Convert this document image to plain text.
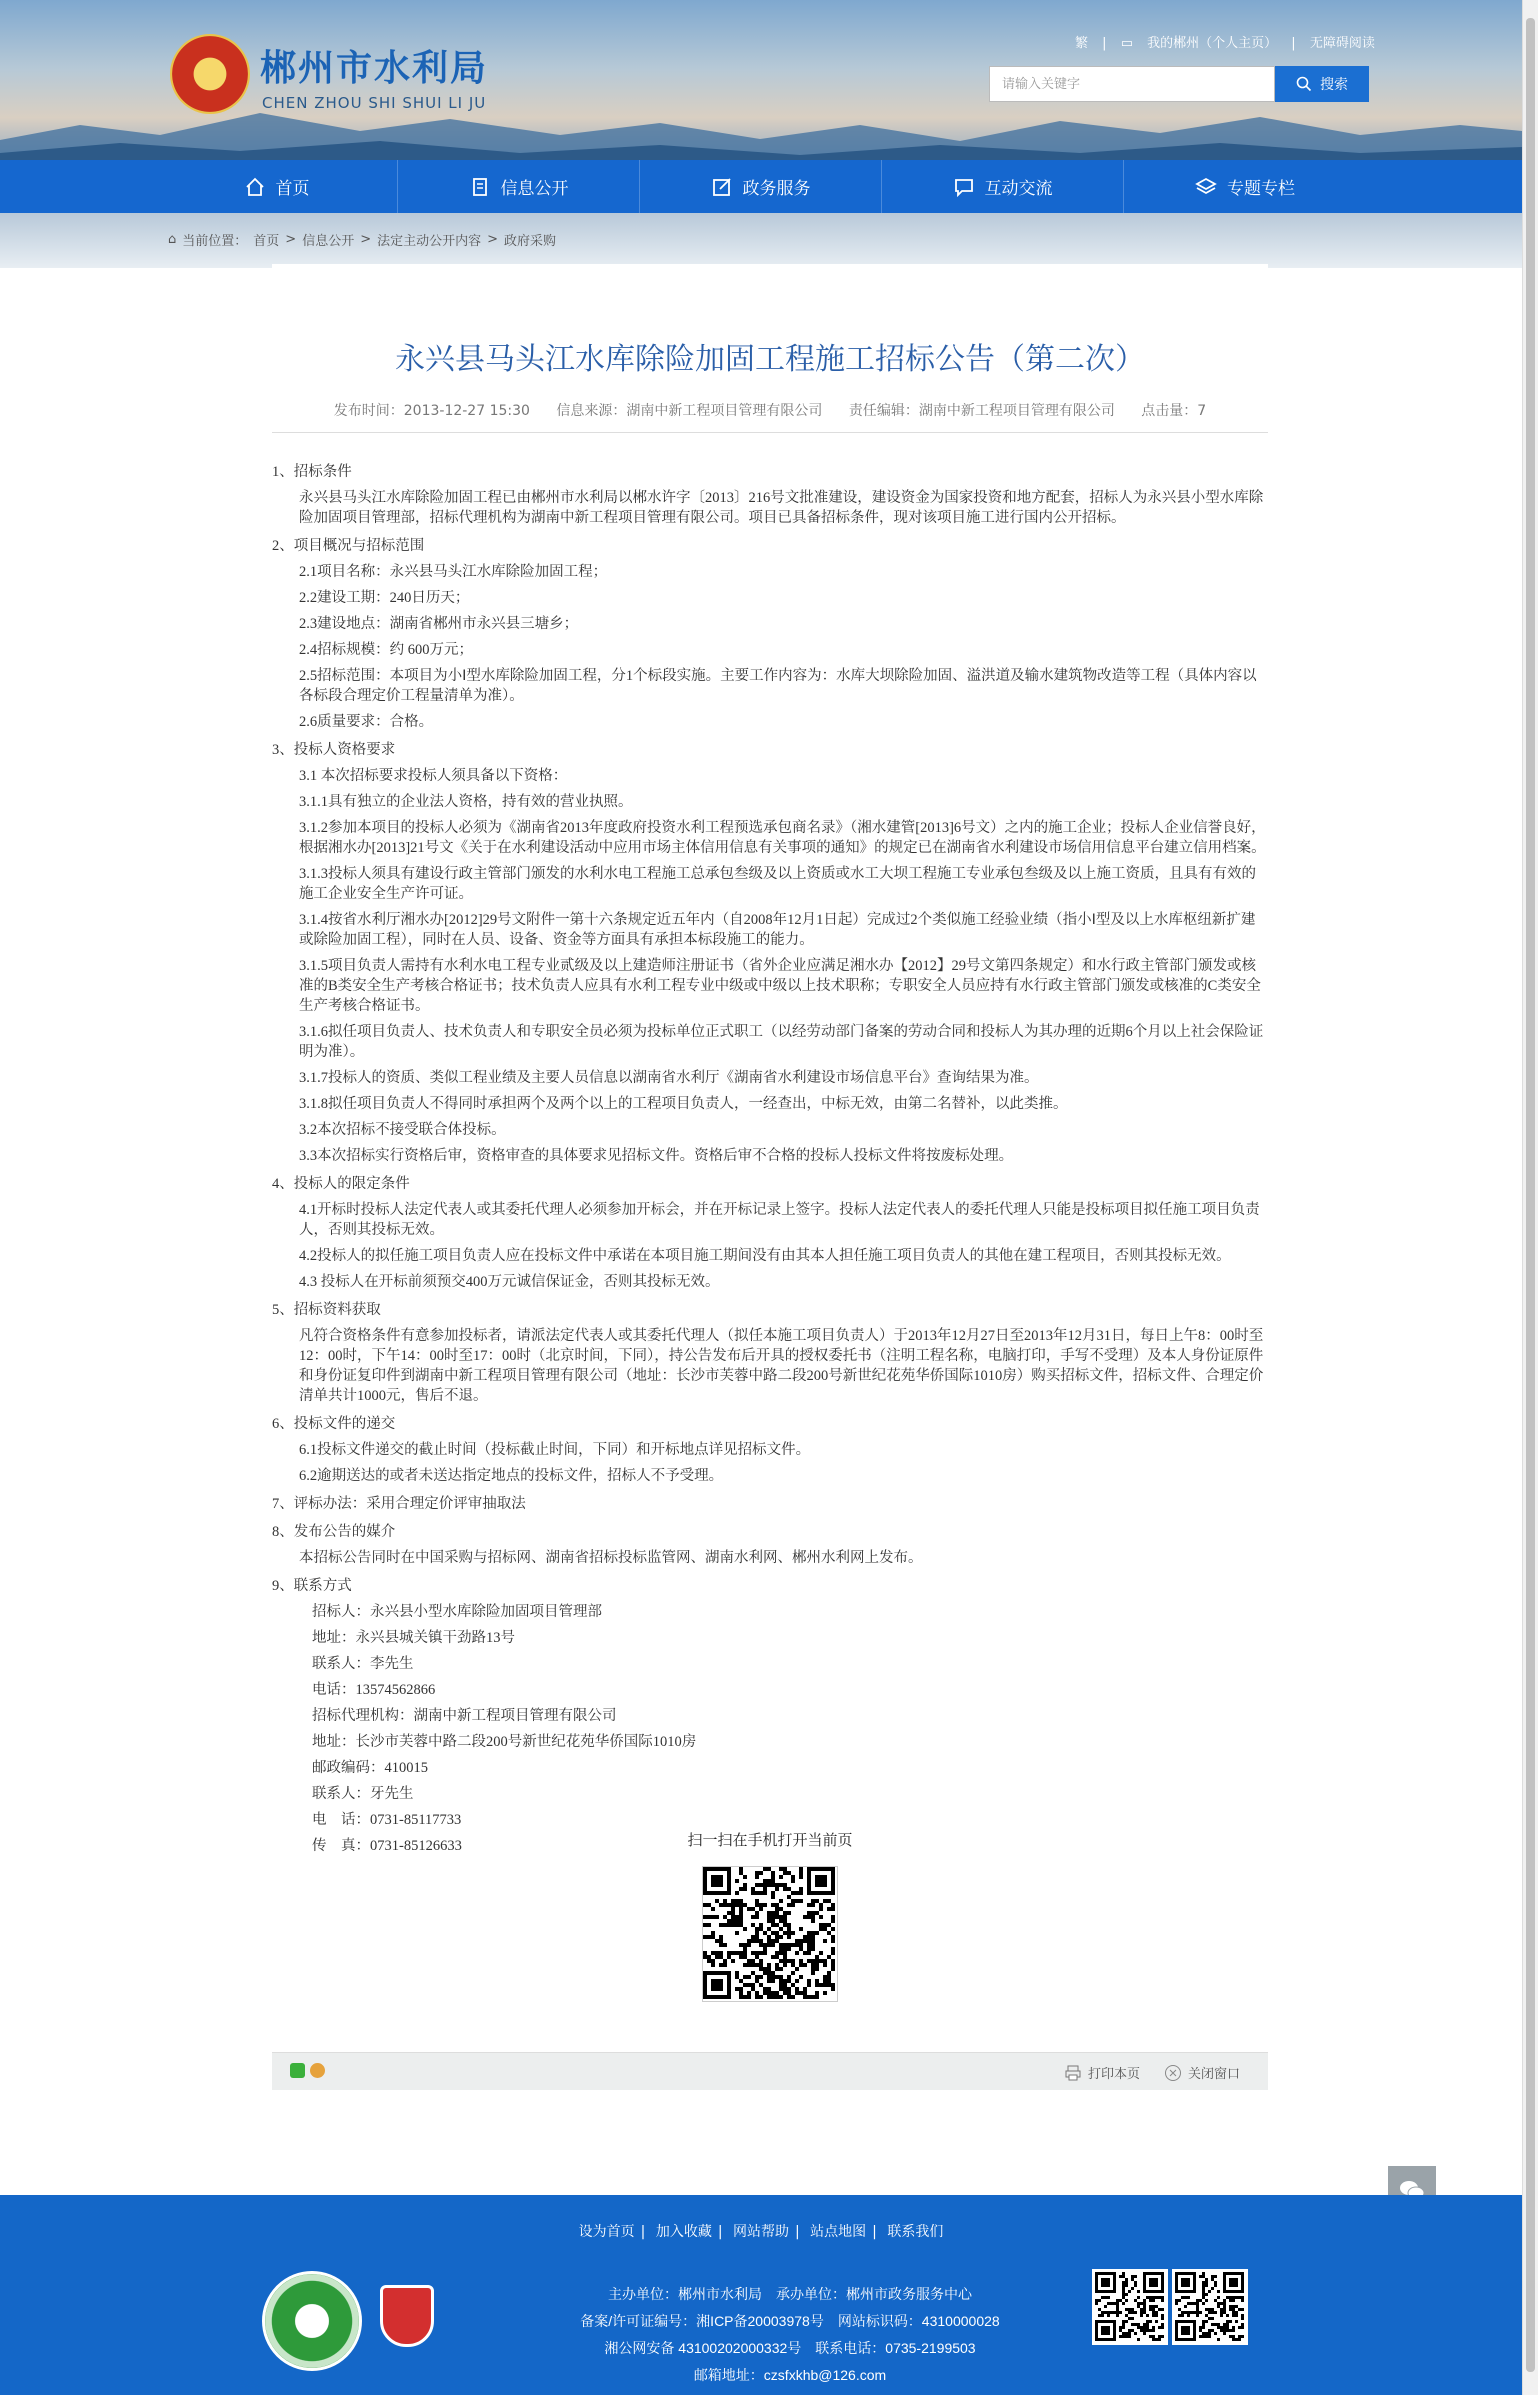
郴州市水利局
CHEN ZHOU SHI SHUI LI JU
繁 | ▭ 我的郴州（个人主页） | 无障碍阅读
请输入关键字	搜索
首页	信息公开	政务服务	互动交流	专题专栏
⌂ 当前位置： 首页 > 信息公开 > 法定主动公开内容 > 政府采购
永兴县马头江水库除险加固工程施工招标公告（第二次）
发布时间：2013-12-27 15:30 信息来源：湖南中新工程项目管理有限公司 责任编辑：湖南中新工程项目管理有限公司 点击量：7
1、招标条件
永兴县马头江水库除险加固工程已由郴州市水利局以郴水许字〔2013〕216号文批准建设，建设资金为国家投资和地方配套，招标人为永兴县小型水库除险加固项目管理部，招标代理机构为湖南中新工程项目管理有限公司。项目已具备招标条件，现对该项目施工进行国内公开招标。
2、项目概况与招标范围
2.1项目名称：永兴县马头江水库除险加固工程；
2.2建设工期：240日历天；
2.3建设地点：湖南省郴州市永兴县三塘乡；
2.4招标规模：约 600万元；
2.5招标范围：本项目为小Ⅰ型水库除险加固工程，分1个标段实施。主要工作内容为：水库大坝除险加固、溢洪道及输水建筑物改造等工程（具体内容以各标段合理定价工程量清单为准）。
2.6质量要求：合格。
3、投标人资格要求
3.1 本次招标要求投标人须具备以下资格：
3.1.1具有独立的企业法人资格，持有效的营业执照。
3.1.2参加本项目的投标人必须为《湖南省2013年度政府投资水利工程预选承包商名录》（湘水建管[2013]6号文）之内的施工企业；投标人企业信誉良好，根据湘水办[2013]21号文《关于在水利建设活动中应用市场主体信用信息有关事项的通知》的规定已在湖南省水利建设市场信用信息平台建立信用档案。
3.1.3投标人须具有建设行政主管部门颁发的水利水电工程施工总承包叁级及以上资质或水工大坝工程施工专业承包叁级及以上施工资质，且具有有效的施工企业安全生产许可证。
3.1.4按省水利厅湘水办[2012]29号文附件一第十六条规定近五年内（自2008年12月1日起）完成过2个类似施工经验业绩（指小Ⅰ型及以上水库枢纽新扩建或除险加固工程），同时在人员、设备、资金等方面具有承担本标段施工的能力。
3.1.5项目负责人需持有水利水电工程专业贰级及以上建造师注册证书（省外企业应满足湘水办【2012】29号文第四条规定）和水行政主管部门颁发或核准的B类安全生产考核合格证书；技术负责人应具有水利工程专业中级或中级以上技术职称；专职安全人员应持有水行政主管部门颁发或核准的C类安全生产考核合格证书。
3.1.6拟任项目负责人、技术负责人和专职安全员必须为投标单位正式职工（以经劳动部门备案的劳动合同和投标人为其办理的近期6个月以上社会保险证明为准）。
3.1.7投标人的资质、类似工程业绩及主要人员信息以湖南省水利厅《湖南省水利建设市场信息平台》查询结果为准。
3.1.8拟任项目负责人不得同时承担两个及两个以上的工程项目负责人，一经查出，中标无效，由第二名替补，以此类推。
3.2本次招标不接受联合体投标。
3.3本次招标实行资格后审，资格审查的具体要求见招标文件。资格后审不合格的投标人投标文件将按废标处理。
4、投标人的限定条件
4.1开标时投标人法定代表人或其委托代理人必须参加开标会，并在开标记录上签字。投标人法定代表人的委托代理人只能是投标项目拟任施工项目负责人，否则其投标无效。
4.2投标人的拟任施工项目负责人应在投标文件中承诺在本项目施工期间没有由其本人担任施工项目负责人的其他在建工程项目，否则其投标无效。
4.3 投标人在开标前须预交400万元诚信保证金，否则其投标无效。
5、招标资料获取
凡符合资格条件有意参加投标者，请派法定代表人或其委托代理人（拟任本施工项目负责人）于2013年12月27日至2013年12月31日，每日上午8：00时至12：00时，下午14：00时至17：00时（北京时间，下同），持公告发布后开具的授权委托书（注明工程名称，电脑打印，手写不受理）及本人身份证原件和身份证复印件到湖南中新工程项目管理有限公司（地址：长沙市芙蓉中路二段200号新世纪花苑华侨国际1010房）购买招标文件，招标文件、合理定价清单共计1000元，售后不退。
6、投标文件的递交
6.1投标文件递交的截止时间（投标截止时间，下同）和开标地点详见招标文件。
6.2逾期送达的或者未送达指定地点的投标文件，招标人不予受理。
7、评标办法：采用合理定价评审抽取法
8、发布公告的媒介
本招标公告同时在中国采购与招标网、湖南省招标投标监管网、湖南水利网、郴州水利网上发布。
9、联系方式
招标人：永兴县小型水库除险加固项目管理部
地址：永兴县城关镇干劲路13号
联系人：李先生
电话：13574562866
招标代理机构：湖南中新工程项目管理有限公司
地址：长沙市芙蓉中路二段200号新世纪花苑华侨国际1010房
邮政编码：410015
联系人：牙先生
电　话：0731-85117733
传　真：0731-85126633	扫一扫在手机打开当前页
打印本页	关闭窗口
设为首页 | 加入收藏 | 网站帮助 | 站点地图 | 联系我们
主办单位：郴州市水利局　承办单位：郴州市政务服务中心
备案/许可证编号：湘ICP备20003978号　网站标识码：4310000028
湘公网安备 43100202000332号　联系电话：0735-2199503
邮箱地址：czsfxkhb@126.com
